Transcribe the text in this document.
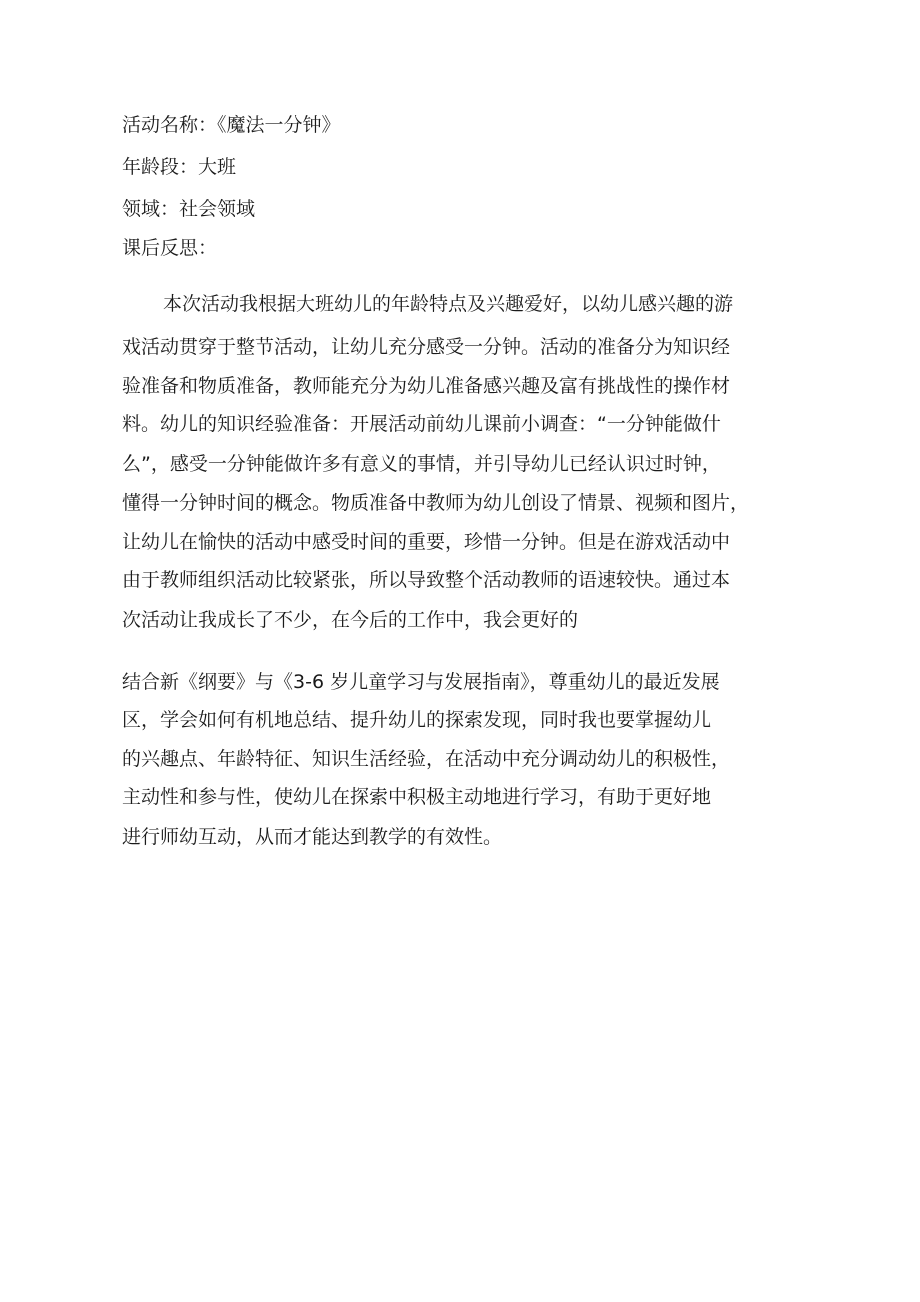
活动名称：《魔法一分钟》
年龄段：大班
领域：社会领域
课后反思：
本次活动我根据大班幼儿的年龄特点及兴趣爱好，以幼儿感兴趣的游
戏活动贯穿于整节活动，让幼儿充分感受一分钟。活动的准备分为知识经
验准备和物质准备，教师能充分为幼儿准备感兴趣及富有挑战性的操作材
料。幼儿的知识经验准备：开展活动前幼儿课前小调查：“一分钟能做什
么”，感受一分钟能做许多有意义的事情，并引导幼儿已经认识过时钟，
懂得一分钟时间的概念。物质准备中教师为幼儿创设了情景、视频和图片，
让幼儿在愉快的活动中感受时间的重要，珍惜一分钟。但是在游戏活动中
由于教师组织活动比较紧张，所以导致整个活动教师的语速较快。通过本
次活动让我成长了不少，在今后的工作中，我会更好的
结合新《纲要》与《3-6 岁儿童学习与发展指南》，尊重幼儿的最近发展
区，学会如何有机地总结、提升幼儿的探索发现，同时我也要掌握幼儿
的兴趣点、年龄特征、知识生活经验，在活动中充分调动幼儿的积极性，
主动性和参与性，使幼儿在探索中积极主动地进行学习，有助于更好地
进行师幼互动，从而才能达到教学的有效性。
